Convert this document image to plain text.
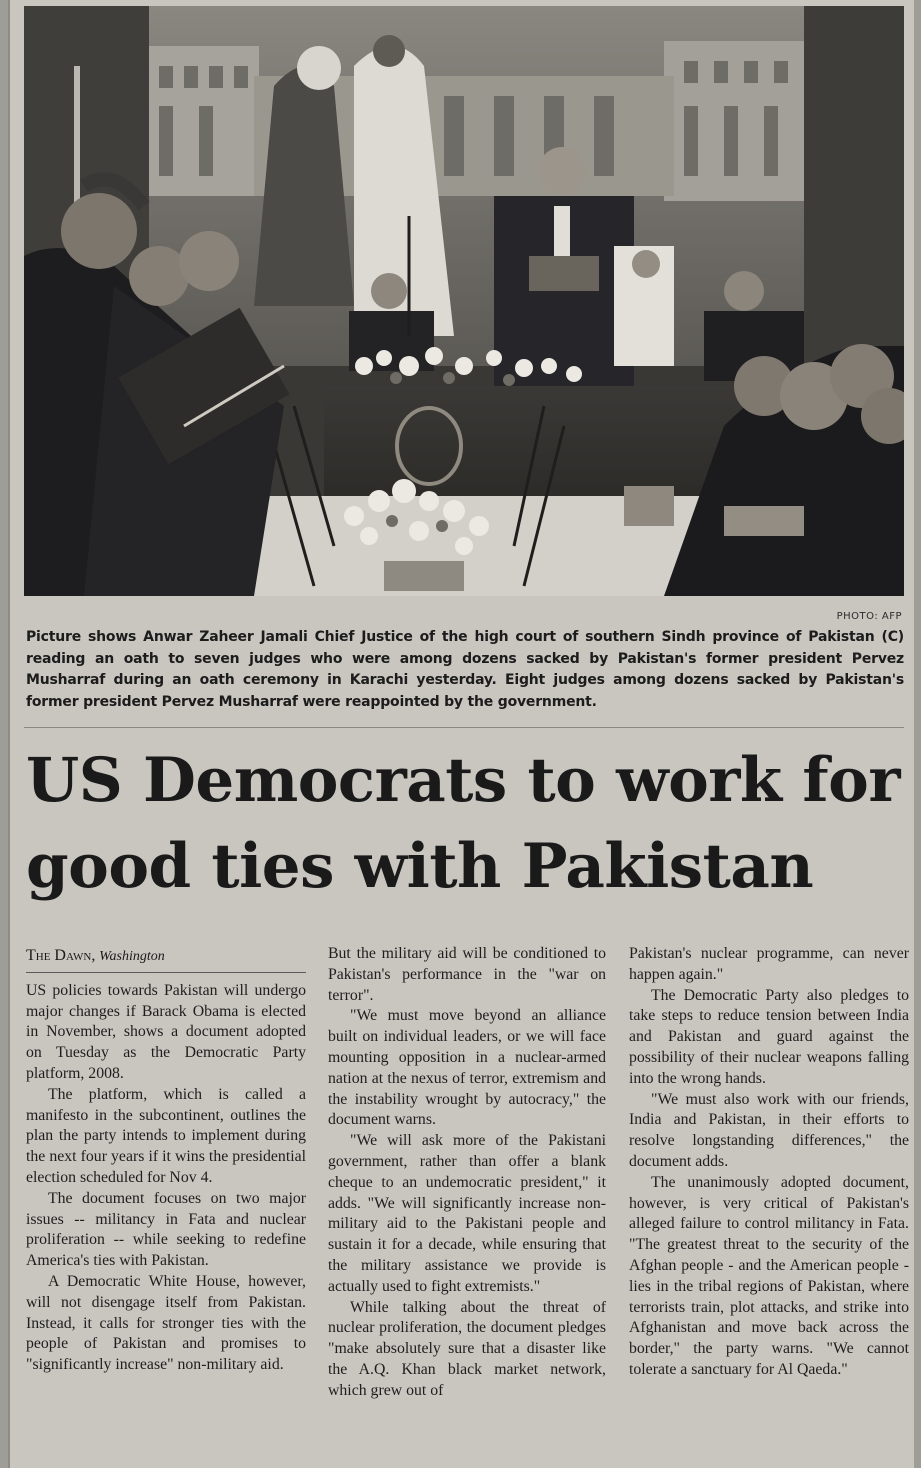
PHOTO: AFP
Picture shows Anwar Zaheer Jamali Chief Justice of the high court of southern Sindh province of Pakistan (C) reading an oath to seven judges who were among dozens sacked by Pakistan's former president Pervez Musharraf during an oath ceremony in Karachi yesterday. Eight judges among dozens sacked by Pakistan's former president Pervez Musharraf were reappointed by the government.
US Democrats to work for
good ties with Pakistan
The Dawn, Washington

US policies towards Pakistan will undergo major changes if Barack Obama is elected in November, shows a document adopted on Tuesday as the Democratic Party platform, 2008.

The platform, which is called a manifesto in the subcontinent, outlines the plan the party intends to implement during the next four years if it wins the presidential election scheduled for Nov 4.

The document focuses on two major issues -- militancy in Fata and nuclear proliferation -- while seeking to redefine America's ties with Pakistan.

A Democratic White House, however, will not disengage itself from Pakistan. Instead, it calls for stronger ties with the people of Pakistan and promises to "significantly increase" non-military aid.

But the military aid will be conditioned to Pakistan's performance in the "war on terror".

"We must move beyond an alliance built on individual leaders, or we will face mounting opposition in a nuclear-armed nation at the nexus of terror, extremism and the instability wrought by autocracy," the document warns.

"We will ask more of the Pakistani government, rather than offer a blank cheque to an undemocratic president," it adds. "We will significantly increase non-military aid to the Pakistani people and sustain it for a decade, while ensuring that the military assistance we provide is actually used to fight extremists."

While talking about the threat of nuclear proliferation, the document pledges "make absolutely sure that a disaster like the A.Q. Khan black market network, which grew out of

Pakistan's nuclear programme, can never happen again."

The Democratic Party also pledges to take steps to reduce tension between India and Pakistan and guard against the possibility of their nuclear weapons falling into the wrong hands.

"We must also work with our friends, India and Pakistan, in their efforts to resolve longstanding differences," the document adds.

The unanimously adopted document, however, is very critical of Pakistan's alleged failure to control militancy in Fata. "The greatest threat to the security of the Afghan people - and the American people - lies in the tribal regions of Pakistan, where terrorists train, plot attacks, and strike into Afghanistan and move back across the border," the party warns. "We cannot tolerate a sanctuary for Al Qaeda."
